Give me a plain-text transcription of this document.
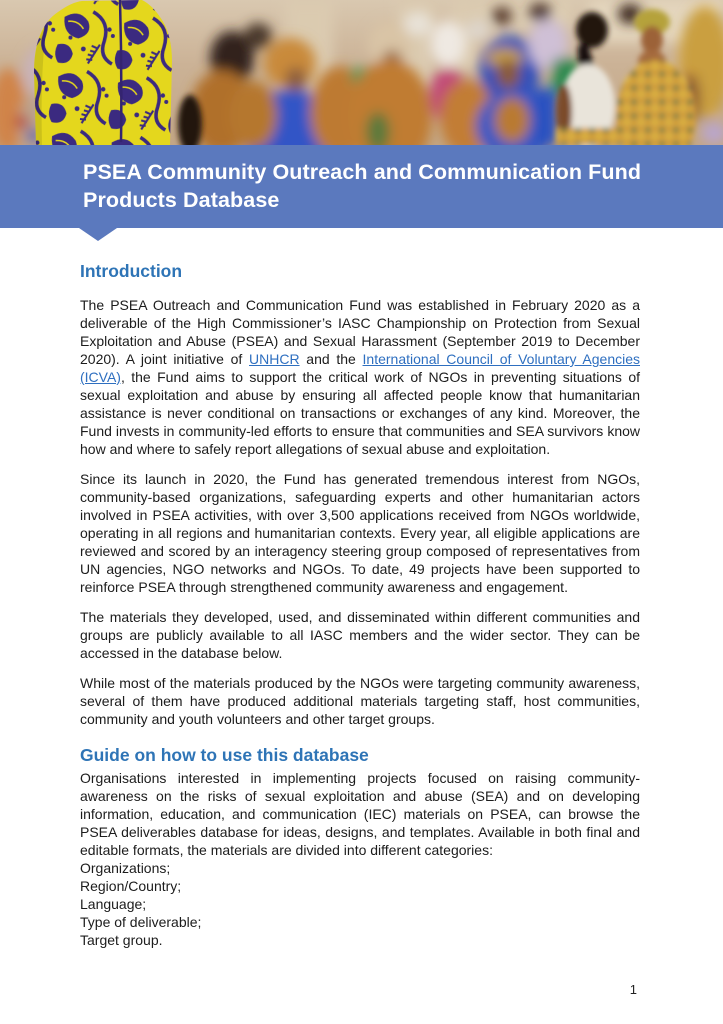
PSEA Community Outreach and Communication Fund Products Database
Introduction

The PSEA Outreach and Communication Fund was established in February 2020 as a deliverable of the High Commissioner’s IASC Championship on Protection from Sexual Exploitation and Abuse (PSEA) and Sexual Harassment (September 2019 to December 2020). A joint initiative of UNHCR and the International Council of Voluntary Agencies (ICVA), the Fund aims to support the critical work of NGOs in preventing situations of sexual exploitation and abuse by ensuring all affected people know that humanitarian assistance is never conditional on transactions or exchanges of any kind. Moreover, the Fund invests in community-led efforts to ensure that communities and SEA survivors know how and where to safely report allegations of sexual abuse and exploitation.

Since its launch in 2020, the Fund has generated tremendous interest from NGOs, community-based organizations, safeguarding experts and other humanitarian actors involved in PSEA activities, with over 3,500 applications received from NGOs worldwide, operating in all regions and humanitarian contexts. Every year, all eligible applications are reviewed and scored by an interagency steering group composed of representatives from UN agencies, NGO networks and NGOs. To date, 49 projects have been supported to reinforce PSEA through strengthened community awareness and engagement.

The materials they developed, used, and disseminated within different communities and groups are publicly available to all IASC members and the wider sector. They can be accessed in the database below.

While most of the materials produced by the NGOs were targeting community awareness, several of them have produced additional materials targeting staff, host communities, community and youth volunteers and other target groups.

Guide on how to use this database

Organisations interested in implementing projects focused on raising community-awareness on the risks of sexual exploitation and abuse (SEA) and on developing information, education, and communication (IEC) materials on PSEA, can browse the PSEA deliverables database for ideas, designs, and templates. Available in both final and editable formats, the materials are divided into different categories:

Organizations;
Region/Country;
Language;
Type of deliverable;
Target group.
1
